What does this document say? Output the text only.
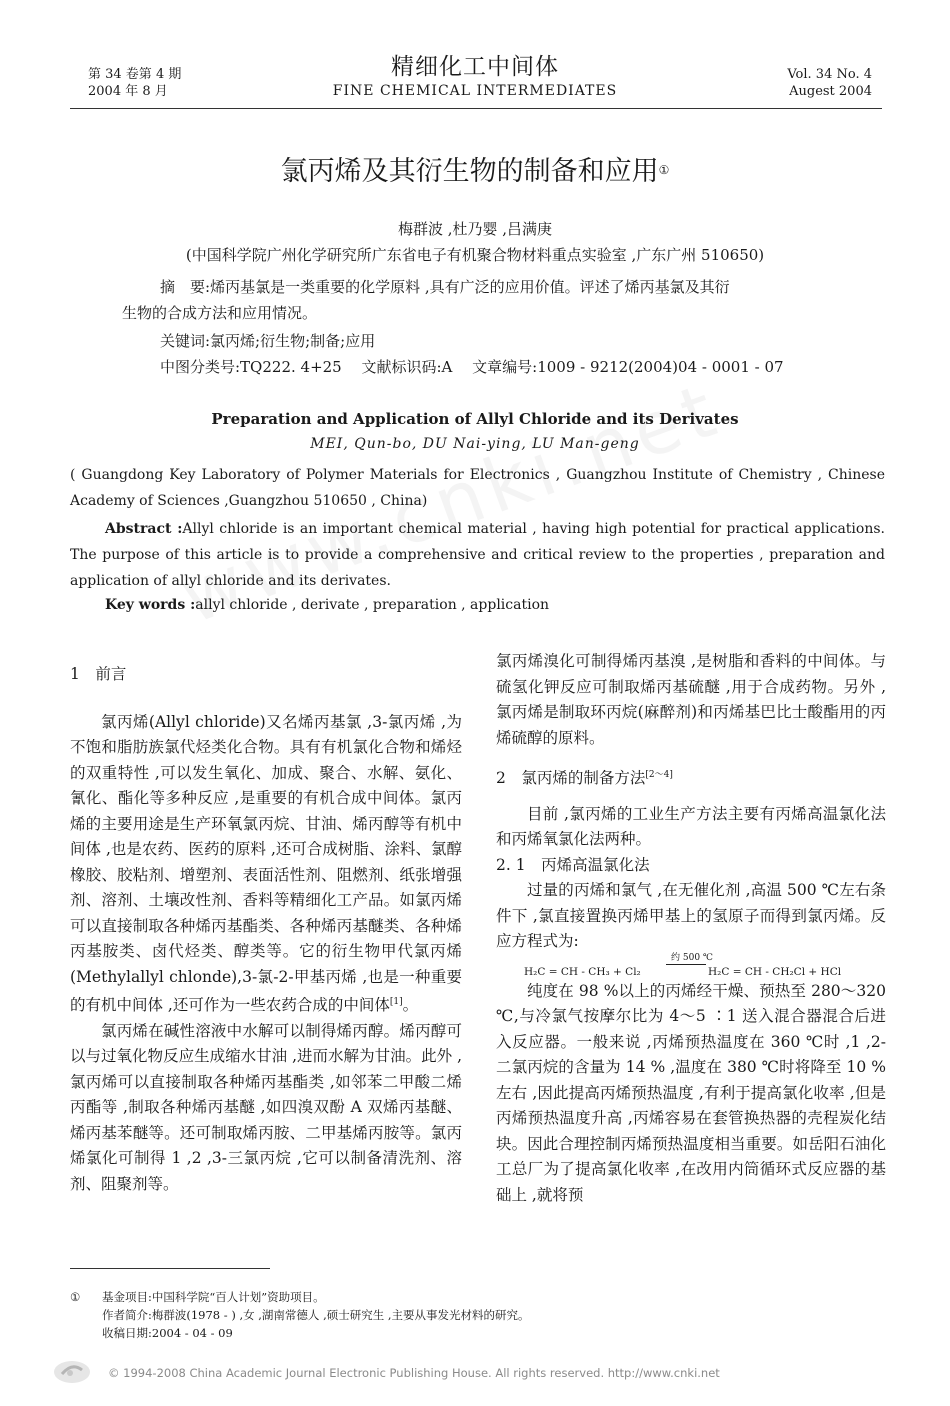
第 34 卷第 4 期
2004 年 8 月
精细化工中间体
FINE CHEMICAL INTERMEDIATES
Vol. 34 No. 4
Augest 2004
氯丙烯及其衍生物的制备和应用①
梅群波 ,杜乃婴 ,吕满庚
(中国科学院广州化学研究所广东省电子有机聚合物材料重点实验室 ,广东广州 510650)
摘　要:烯丙基氯是一类重要的化学原料 ,具有广泛的应用价值。评述了烯丙基氯及其衍
生物的合成方法和应用情况。
关键词:氯丙烯;衍生物;制备;应用
中图分类号:TQ222. 4+25　 文献标识码:A　 文章编号:1009 - 9212(2004)04 - 0001 - 07
Preparation and Application of Allyl Chloride and its Derivates
MEI, Qun-bo, DU Nai-ying, LU Man-geng
( Guangdong Key Laboratory of Polymer Materials for Electronics , Guangzhou Institute of Chemistry , Chinese Academy of Sciences ,Guangzhou 510650 , China)
Abstract :Allyl chloride is an important chemical material , having high potential for practical applications. The purpose of this article is to provide a comprehensive and critical review to the properties , preparation and application of allyl chloride and its derivates.
Key words :allyl chloride , derivate , preparation , application

1　前言

氯丙烯(Allyl chloride)又名烯丙基氯 ,3-氯丙烯 ,为不饱和脂肪族氯代烃类化合物。具有有机氯化合物和烯烃的双重特性 ,可以发生氧化、加成、聚合、水解、氨化、氰化、酯化等多种反应 ,是重要的有机合成中间体。氯丙烯的主要用途是生产环氧氯丙烷、甘油、烯丙醇等有机中间体 ,也是农药、医药的原料 ,还可合成树脂、涂料、氯醇橡胶、胶粘剂、增塑剂、表面活性剂、阻燃剂、纸张增强剂、溶剂、土壤改性剂、香料等精细化工产品。如氯丙烯可以直接制取各种烯丙基酯类、各种烯丙基醚类、各种烯丙基胺类、卤代烃类、醇类等。它的衍生物甲代氯丙烯(Methylallyl chlonde),3-氯-2-甲基丙烯 ,也是一种重要的有机中间体 ,还可作为一些农药合成的中间体[1]。

氯丙烯在碱性溶液中水解可以制得烯丙醇。烯丙醇可以与过氧化物反应生成缩水甘油 ,进而水解为甘油。此外 ,氯丙烯可以直接制取各种烯丙基酯类 ,如邻苯二甲酸二烯丙酯等 ,制取各种烯丙基醚 ,如四溴双酚 A 双烯丙基醚、烯丙基苯醚等。还可制取烯丙胺、二甲基烯丙胺等。氯丙烯氯化可制得 1 ,2 ,3-三氯丙烷 ,它可以制备清洗剂、溶剂、阻聚剂等。

氯丙烯溴化可制得烯丙基溴 ,是树脂和香料的中间体。与硫氢化钾反应可制取烯丙基硫醚 ,用于合成药物。另外 ,氯丙烯是制取环丙烷(麻醉剂)和丙烯基巴比士酸酯用的丙烯硫醇的原料。

2　氯丙烯的制备方法[2～4]

目前 ,氯丙烯的工业生产方法主要有丙烯高温氯化法和丙烯氧氯化法两种。

2. 1　丙烯高温氯化法

过量的丙烯和氯气 ,在无催化剂 ,高温 500 ℃左右条件下 ,氯直接置换丙烯甲基上的氢原子而得到氯丙烯。反应方程式为:

H₂C = CH - CH₃ + Cl₂
约 500 ℃
H₂C = CH - CH₂Cl + HCl

纯度在 98 %以上的丙烯经干燥、预热至 280～320 ℃,与冷氯气按摩尔比为 4～5 ∶1 送入混合器混合后进入反应器。一般来说 ,丙烯预热温度在 360 ℃时 ,1 ,2-二氯丙烷的含量为 14 % ,温度在 380 ℃时将降至 10 %左右 ,因此提高丙烯预热温度 ,有利于提高氯化收率 ,但是丙烯预热温度升高 ,丙烯容易在套管换热器的壳程炭化结块。因此合理控制丙烯预热温度相当重要。如岳阳石油化工总厂为了提高氯化收率 ,在改用内筒循环式反应器的基础上 ,就将预

① 基金项目:中国科学院“百人计划”资助项目。
作者简介:梅群波(1978 - ) ,女 ,湖南常德人 ,硕士研究生 ,主要从事发光材料的研究。
收稿日期:2004 - 04 - 09
© 1994-2008 China Academic Journal Electronic Publishing House. All rights reserved. http://www.cnki.net
